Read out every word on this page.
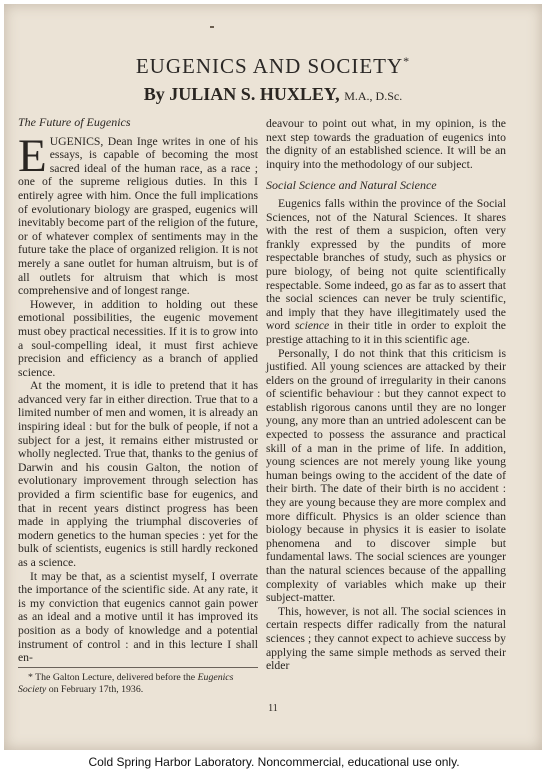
EUGENICS AND SOCIETY*
By JULIAN S. HUXLEY, M.A., D.Sc.
The Future of Eugenics

EUGENICS, Dean Inge writes in one of his essays, is capable of becoming the most sacred ideal of the human race, as a race ; one of the supreme religious duties. In this I entirely agree with him. Once the full implications of evolutionary biology are grasped, eugenics will inevitably become part of the religion of the future, or of whatever complex of sentiments may in the future take the place of organized religion. It is not merely a sane outlet for human altruism, but is of all outlets for altruism that which is most comprehensive and of longest range.

However, in addition to holding out these emotional possibilities, the eugenic movement must obey practical necessities. If it is to grow into a soul-compelling ideal, it must first achieve precision and efficiency as a branch of applied science.

At the moment, it is idle to pretend that it has advanced very far in either direction. True that to a limited number of men and women, it is already an inspiring ideal : but for the bulk of people, if not a subject for a jest, it remains either mistrusted or wholly neglected. True that, thanks to the genius of Darwin and his cousin Galton, the notion of evolutionary improvement through selection has provided a firm scientific base for eugenics, and that in recent years distinct progress has been made in applying the triumphal discoveries of modern genetics to the human species : yet for the bulk of scientists, eugenics is still hardly reckoned as a science.

It may be that, as a scientist myself, I overrate the importance of the scientific side. At any rate, it is my conviction that eugenics cannot gain power as an ideal and a motive until it has improved its position as a body of knowledge and a potential instrument of control : and in this lecture I shall en-

deavour to point out what, in my opinion, is the next step towards the graduation of eugenics into the dignity of an established science. It will be an inquiry into the methodology of our subject.

Social Science and Natural Science

Eugenics falls within the province of the Social Sciences, not of the Natural Sciences. It shares with the rest of them a suspicion, often very frankly expressed by the pundits of more respectable branches of study, such as physics or pure biology, of being not quite scientifically respectable. Some indeed, go as far as to assert that the social sciences can never be truly scientific, and imply that they have illegitimately used the word science in their title in order to exploit the prestige attaching to it in this scientific age.

Personally, I do not think that this criticism is justified. All young sciences are attacked by their elders on the ground of irregularity in their canons of scientific behaviour : but they cannot expect to establish rigorous canons until they are no longer young, any more than an untried adolescent can be expected to possess the assurance and practical skill of a man in the prime of life. In addition, young sciences are not merely young like young human beings owing to the accident of the date of their birth. The date of their birth is no accident : they are young because they are more complex and more difficult. Physics is an older science than biology because in physics it is easier to isolate phenomena and to discover simple but fundamental laws. The social sciences are younger than the natural sciences because of the appalling complexity of variables which make up their subject-matter.

This, however, is not all. The social sciences in certain respects differ radically from the natural sciences ; they cannot expect to achieve success by applying the same simple methods as served their elder

* The Galton Lecture, delivered before the Eugenics Society on February 17th, 1936.
11
Cold Spring Harbor Laboratory. Noncommercial, educational use only.
